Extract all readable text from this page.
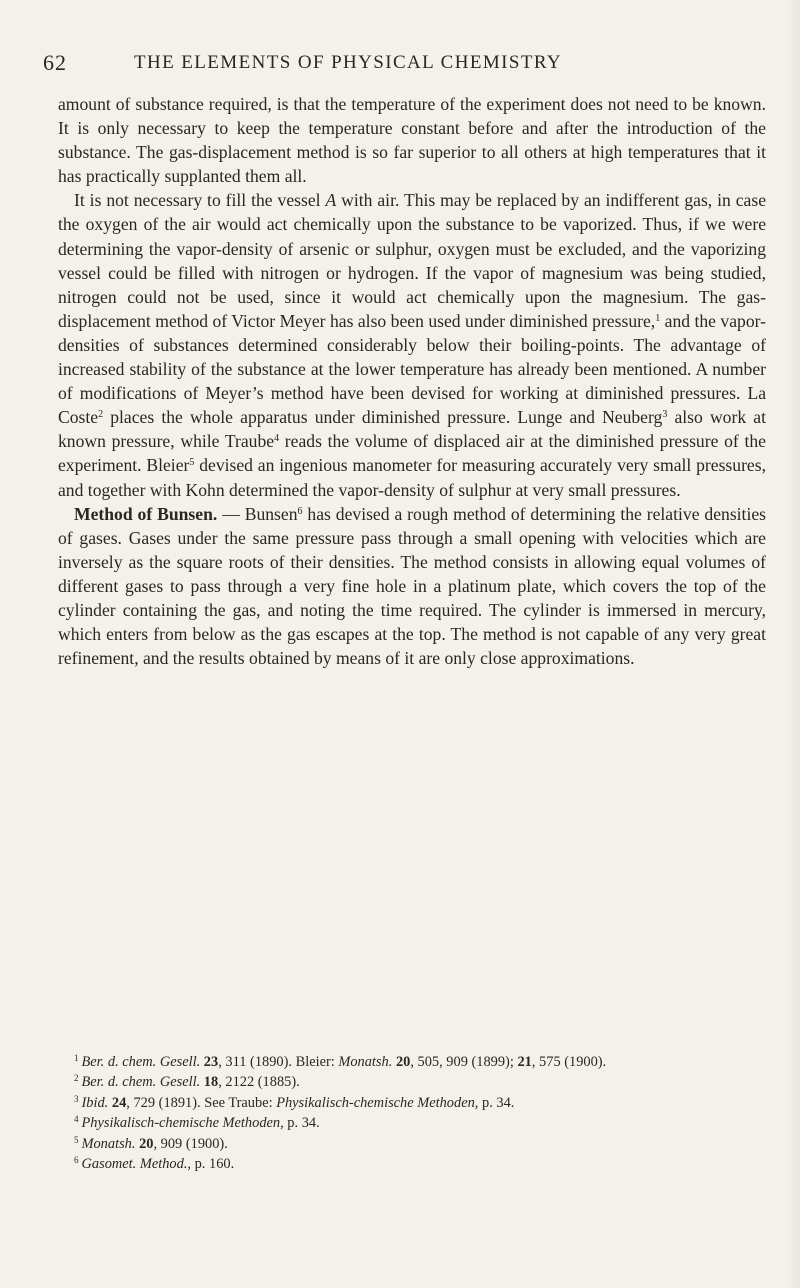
62	THE ELEMENTS OF PHYSICAL CHEMISTRY

amount of substance required, is that the temperature of the experiment does not need to be known. It is only necessary to keep the temperature constant before and after the introduction of the substance. The gas-displacement method is so far superior to all others at high temperatures that it has practically supplanted them all.

It is not necessary to fill the vessel A with air. This may be replaced by an indifferent gas, in case the oxygen of the air would act chemically upon the substance to be vaporized. Thus, if we were determining the vapor-density of arsenic or sulphur, oxygen must be excluded, and the vaporizing vessel could be filled with nitrogen or hydrogen. If the vapor of magnesium was being studied, nitrogen could not be used, since it would act chemically upon the magnesium. The gas-displacement method of Victor Meyer has also been used under diminished pressure,$^1$ and the vapor-densities of substances determined considerably below their boiling-points. The advantage of increased stability of the substance at the lower temperature has already been mentioned. A number of modifications of Meyer’s method have been devised for working at diminished pressures. La Coste$^2$ places the whole apparatus under diminished pressure. Lunge and Neuberg$^3$ also work at known pressure, while Traube$^4$ reads the volume of displaced air at the diminished pressure of the experiment. Bleier$^5$ devised an ingenious manometer for measuring accurately very small pressures, and together with Kohn determined the vapor-density of sulphur at very small pressures.

Method of Bunsen. — Bunsen$^6$ has devised a rough method of determining the relative densities of gases. Gases under the same pressure pass through a small opening with velocities which are inversely as the square roots of their densities. The method consists in allowing equal volumes of different gases to pass through a very fine hole in a platinum plate, which covers the top of the cylinder containing the gas, and noting the time required. The cylinder is immersed in mercury, which enters from below as the gas escapes at the top. The method is not capable of any very great refinement, and the results obtained by means of it are only close approximations.

$^1$ Ber. d. chem. Gesell. 23, 311 (1890). Bleier: Monatsh. 20, 505, 909 (1899); 21, 575 (1900).

$^2$ Ber. d. chem. Gesell. 18, 2122 (1885).

$^3$ Ibid. 24, 729 (1891). See Traube: Physikalisch-chemische Methoden, p. 34.

$^4$ Physikalisch-chemische Methoden, p. 34.

$^5$ Monatsh. 20, 909 (1900).

$^6$ Gasomet. Method., p. 160.
